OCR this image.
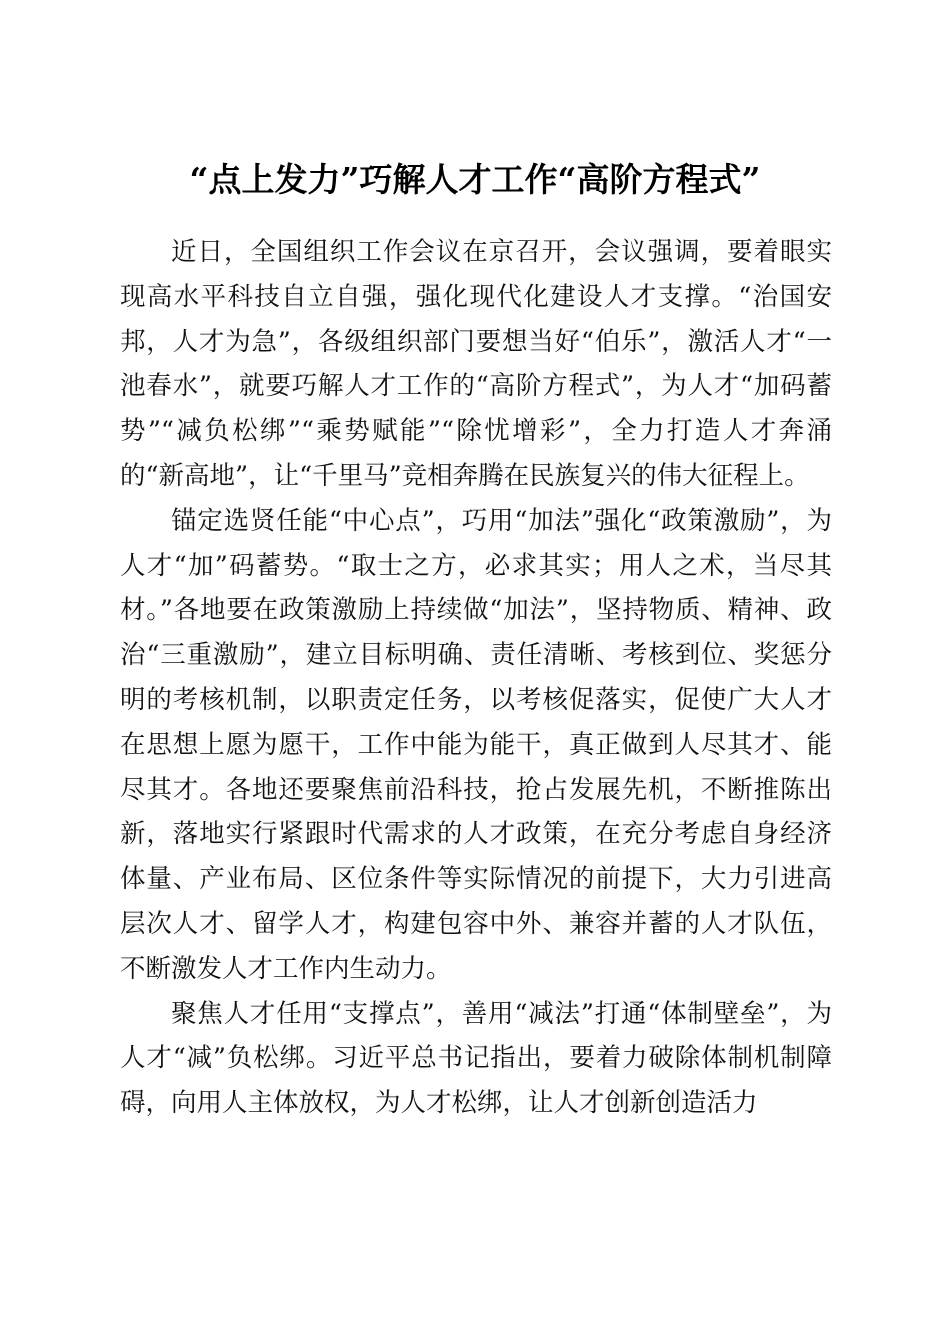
“点上发力”巧解人才工作“高阶方程式”

近日，全国组织工作会议在京召开，会议强调，要着眼实现高水平科技自立自强，强化现代化建设人才支撑。“治国安邦，人才为急”，各级组织部门要想当好“伯乐”，激活人才“一池春水”，就要巧解人才工作的“高阶方程式”，为人才“加码蓄势”“减负松绑”“乘势赋能”“除忧增彩”，全力打造人才奔涌的“新高地”，让“千里马”竞相奔腾在民族复兴的伟大征程上。

锚定选贤任能“中心点”，巧用“加法”强化“政策激励”，为人才“加”码蓄势。“取士之方，必求其实；用人之术，当尽其材。”各地要在政策激励上持续做“加法”，坚持物质、精神、政治“三重激励”，建立目标明确、责任清晰、考核到位、奖惩分明的考核机制，以职责定任务，以考核促落实，促使广大人才在思想上愿为愿干，工作中能为能干，真正做到人尽其才、能尽其才。各地还要聚焦前沿科技，抢占发展先机，不断推陈出新，落地实行紧跟时代需求的人才政策，在充分考虑自身经济体量、产业布局、区位条件等实际情况的前提下，大力引进高层次人才、留学人才，构建包容中外、兼容并蓄的人才队伍，不断激发人才工作内生动力。

聚焦人才任用“支撑点”，善用“减法”打通“体制壁垒”，为人才“减”负松绑。习近平总书记指出，要着力破除体制机制障碍，向用人主体放权，为人才松绑，让人才创新创造活力
